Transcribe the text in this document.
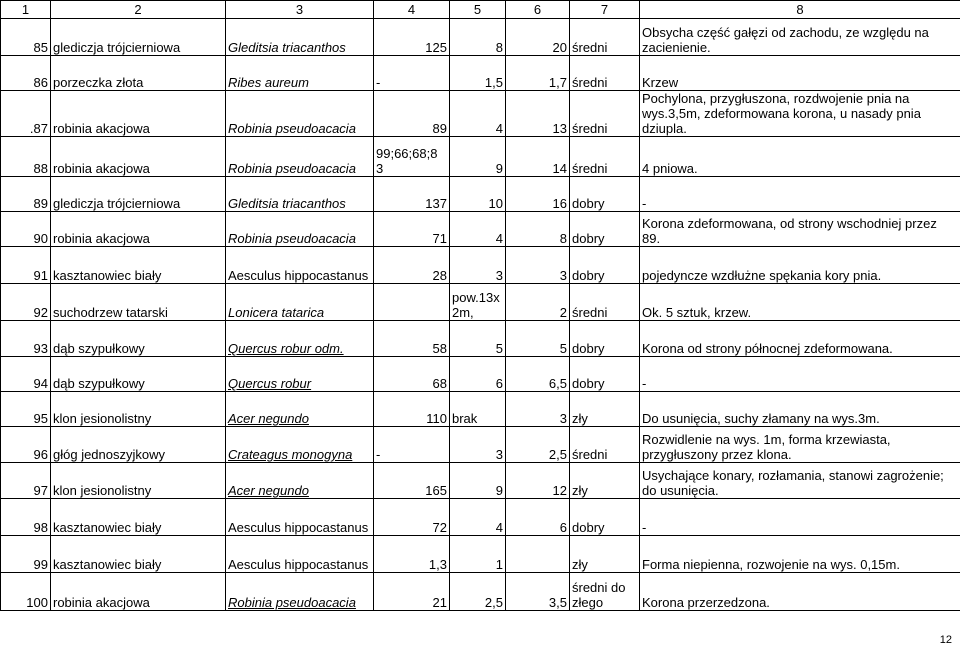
1	2	3	4	5	6	7	8
85	glediczja trójcierniowa	Gleditsia triacanthos	125	8	20	średni	Obsycha część gałęzi od zachodu, ze względu na zacienienie.
86	porzeczka złota	Ribes aureum	-	1,5	1,7	średni	Krzew
.87	robinia akacjowa	Robinia pseudoacacia	89	4	13	średni	Pochylona, przygłuszona, rozdwojenie pnia na wys.3,5m, zdeformowana korona, u nasady pnia dziupla.
88	robinia akacjowa	Robinia pseudoacacia	99;66;68;8 3	9	14	średni	4 pniowa.
89	glediczja trójcierniowa	Gleditsia triacanthos	137	10	16	dobry	-
90	robinia akacjowa	Robinia pseudoacacia	71	4	8	dobry	Korona zdeformowana, od strony wschodniej przez 89.
91	kasztanowiec biały	Aesculus hippocastanus	28	3	3	dobry	pojedyncze wzdłużne spękania kory pnia.
92	suchodrzew tatarski	Lonicera tatarica		pow.13x 2m,	2	średni	Ok. 5 sztuk, krzew.
93	dąb szypułkowy	Quercus robur odm.	58	5	5	dobry	Korona od strony północnej zdeformowana.
94	dąb szypułkowy	Quercus robur	68	6	6,5	dobry	-
95	klon jesionolistny	Acer negundo	110	brak	3	zły	Do usunięcia, suchy złamany na wys.3m.
96	głóg jednoszyjkowy	Crateagus monogyna	-	3	2,5	średni	Rozwidlenie na wys. 1m, forma krzewiasta, przygłuszony przez klona.
97	klon jesionolistny	Acer negundo	165	9	12	zły	Usychające konary, rozłamania, stanowi zagrożenie; do usunięcia.
98	kasztanowiec biały	Aesculus hippocastanus	72	4	6	dobry	-
99	kasztanowiec biały	Aesculus hippocastanus	1,3	1		zły	Forma niepienna, rozwojenie na wys. 0,15m.
100	robinia akacjowa	Robinia pseudoacacia	21	2,5	3,5	średni do złego	Korona przerzedzona.
12
